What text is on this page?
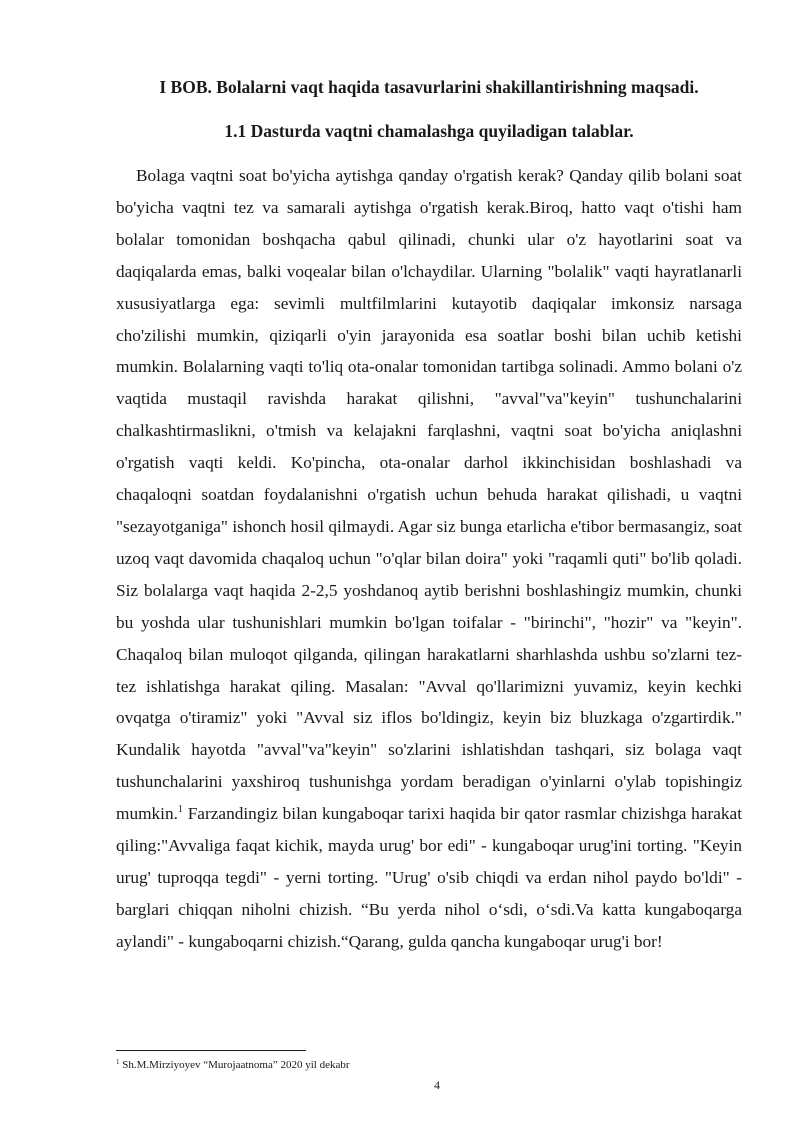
I BOB. Bolalarni vaqt haqida tasavurlarini shakillantirishning maqsadi.
1.1 Dasturda vaqtni chamalashga quyiladigan talablar.

Bolaga vaqtni soat bo'yicha aytishga qanday o'rgatish kerak? Qanday qilib bolani soat bo'yicha vaqtni tez va samarali aytishga o'rgatish kerak.Biroq, hatto vaqt o'tishi ham bolalar tomonidan boshqacha qabul qilinadi, chunki ular o'z hayotlarini soat va daqiqalarda emas, balki voqealar bilan o'lchaydilar. Ularning "bolalik" vaqti hayratlanarli xususiyatlarga ega: sevimli multfilmlarini kutayotib daqiqalar imkonsiz narsaga cho'zilishi mumkin, qiziqarli o'yin jarayonida esa soatlar boshi bilan uchib ketishi mumkin. Bolalarning vaqti to'liq ota-onalar tomonidan tartibga solinadi. Ammo bolani o'z vaqtida mustaqil ravishda harakat qilishni, "avval"va"keyin" tushunchalarini chalkashtirmaslikni, o'tmish va kelajakni farqlashni, vaqtni soat bo'yicha aniqlashni o'rgatish vaqti keldi. Ko'pincha, ota-onalar darhol ikkinchisidan boshlashadi va chaqaloqni soatdan foydalanishni o'rgatish uchun behuda harakat qilishadi, u vaqtni "sezayotganiga" ishonch hosil qilmaydi. Agar siz bunga etarlicha e'tibor bermasangiz, soat uzoq vaqt davomida chaqaloq uchun "o'qlar bilan doira" yoki "raqamli quti" bo'lib qoladi. Siz bolalarga vaqt haqida 2-2,5 yoshdanoq aytib berishni boshlashingiz mumkin, chunki bu yoshda ular tushunishlari mumkin bo'lgan toifalar - "birinchi", "hozir" va "keyin". Chaqaloq bilan muloqot qilganda, qilingan harakatlarni sharhlashda ushbu so'zlarni tez-tez ishlatishga harakat qiling. Masalan: "Avval qo'llarimizni yuvamiz, keyin kechki ovqatga o'tiramiz" yoki "Avval siz iflos bo'ldingiz, keyin biz bluzkaga o'zgartirdik." Kundalik hayotda "avval"va"keyin" so'zlarini ishlatishdan tashqari, siz bolaga vaqt tushunchalarini yaxshiroq tushunishga yordam beradigan o'yinlarni o'ylab topishingiz mumkin.$^1$ Farzandingiz bilan kungaboqar tarixi haqida bir qator rasmlar chizishga harakat qiling:"Avvaliga faqat kichik, mayda urug' bor edi" - kungaboqar urug'ini torting. "Keyin urug' tuproqqa tegdi" - yerni torting. "Urug' o'sib chiqdi va erdan nihol paydo bo'ldi" - barglari chiqqan niholni chizish. “Bu yerda nihol o‘sdi, o‘sdi.Va katta kungaboqarga aylandi" - kungaboqarni chizish.“Qarang, gulda qancha kungaboqar urug'i bor!

$^1$ Sh.M.Mirziyoyev “Murojaatnoma” 2020 yil dekabr

4
